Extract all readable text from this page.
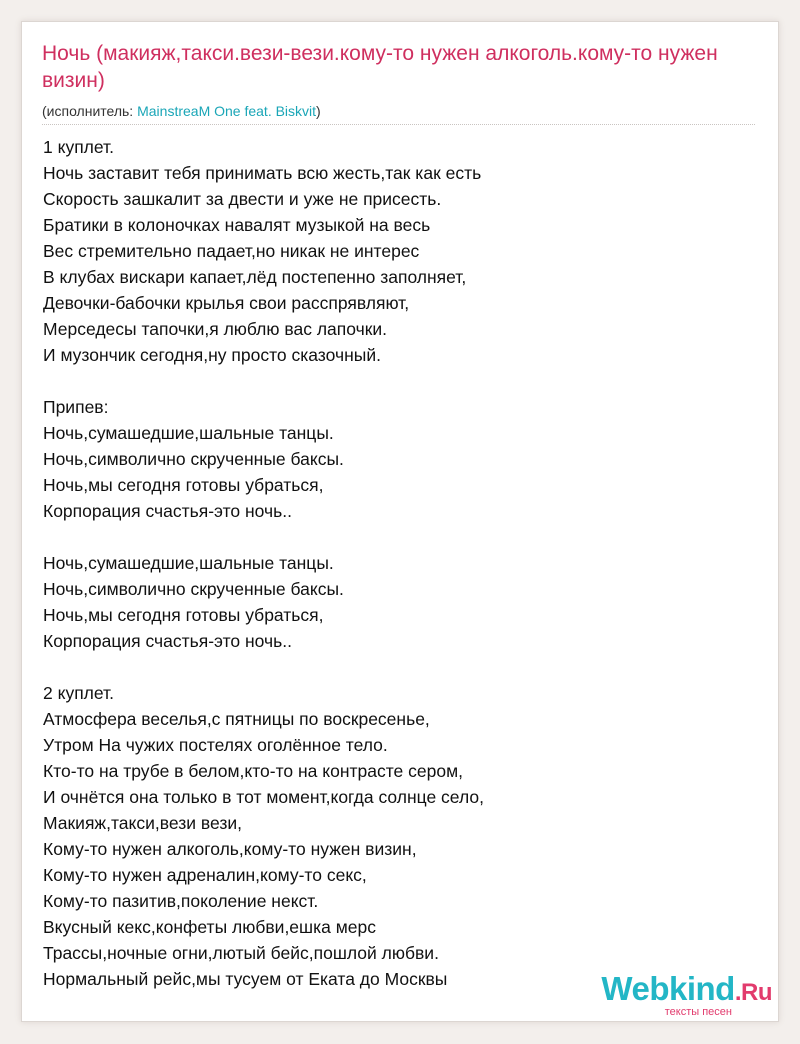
Ночь (макияж,такси.вези-вези.кому-то нужен алкоголь.кому-то нужен визин)
(исполнитель: MainstreaM One feat. Biskvit)
1 куплет.
Ночь заставит тебя принимать всю жесть,так как есть
Скорость зашкалит за двести и уже не присесть.
Братики в колоночках навалят музыкой на весь
Вес стремительно падает,но никак не интерес
В клубах вискари капает,лёд постепенно заполняет,
Девочки-бабочки крылья свои расспрявляют,
Мерседесы тапочки,я люблю вас лапочки.
И музончик сегодня,ну просто сказочный.
Припев:
Ночь,сумашедшие,шальные танцы.
Ночь,символично скрученные баксы.
Ночь,мы сегодня готовы убраться,
Корпорация счастья-это ночь..
Ночь,сумашедшие,шальные танцы.
Ночь,символично скрученные баксы.
Ночь,мы сегодня готовы убраться,
Корпорация счастья-это ночь..
2 куплет.
Атмосфера веселья,с пятницы по воскресенье,
Утром На чужих постелях оголённое тело.
Кто-то на трубе в белом,кто-то на контрасте сером,
И очнётся она только в тот момент,когда солнце село,
Макияж,такси,вези вези,
Кому-то нужен алкоголь,кому-то нужен визин,
Кому-то нужен адреналин,кому-то секс,
Кому-то пазитив,поколение некст.
Вкусный кекс,конфеты любви,ешка мерс
Трассы,ночные огни,лютый бейс,пошлой любви.
Нормальный рейс,мы тусуем от Еката до Москвы	Webkind.Ru
тексты песен
